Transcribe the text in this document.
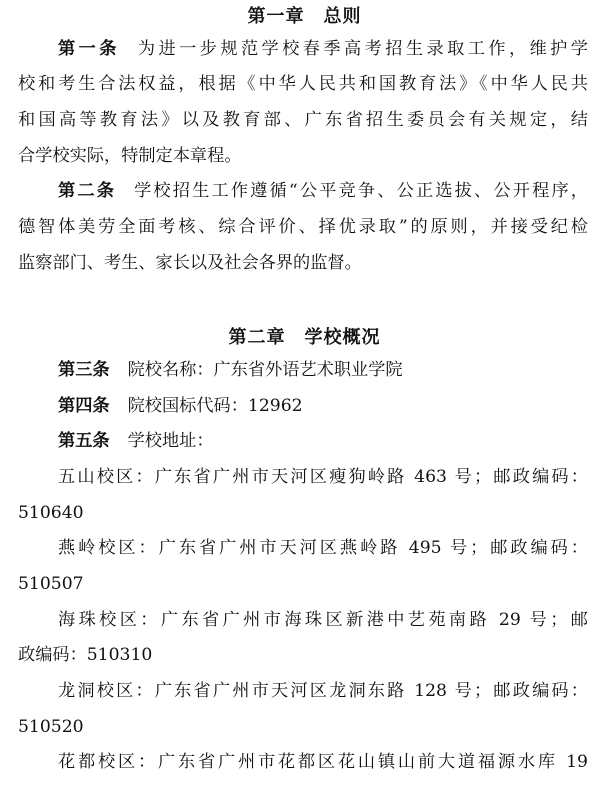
第一章　总则
第一条 为进一步规范学校春季高考招生录取工作，维护学
校和考生合法权益，根据《中华人民共和国教育法》《中华人民共
和国高等教育法》以及教育部、广东省招生委员会有关规定，结
合学校实际，特制定本章程。
第二条 学校招生工作遵循“公平竞争、公正选拔、公开程序，
德智体美劳全面考核、综合评价、择优录取”的原则，并接受纪检
监察部门、考生、家长以及社会各界的监督。
第二章　学校概况
第三条 院校名称：广东省外语艺术职业学院
第四条 院校国标代码：12962
第五条 学校地址：
五山校区：广东省广州市天河区瘦狗岭路 463 号；邮政编码：
510640
燕岭校区：广东省广州市天河区燕岭路 495 号；邮政编码：
510507
海珠校区：广东省广州市海珠区新港中艺苑南路 29 号；邮
政编码：510310
龙洞校区：广东省广州市天河区龙洞东路 128 号；邮政编码：
510520
花都校区：广东省广州市花都区花山镇山前大道福源水库 19
